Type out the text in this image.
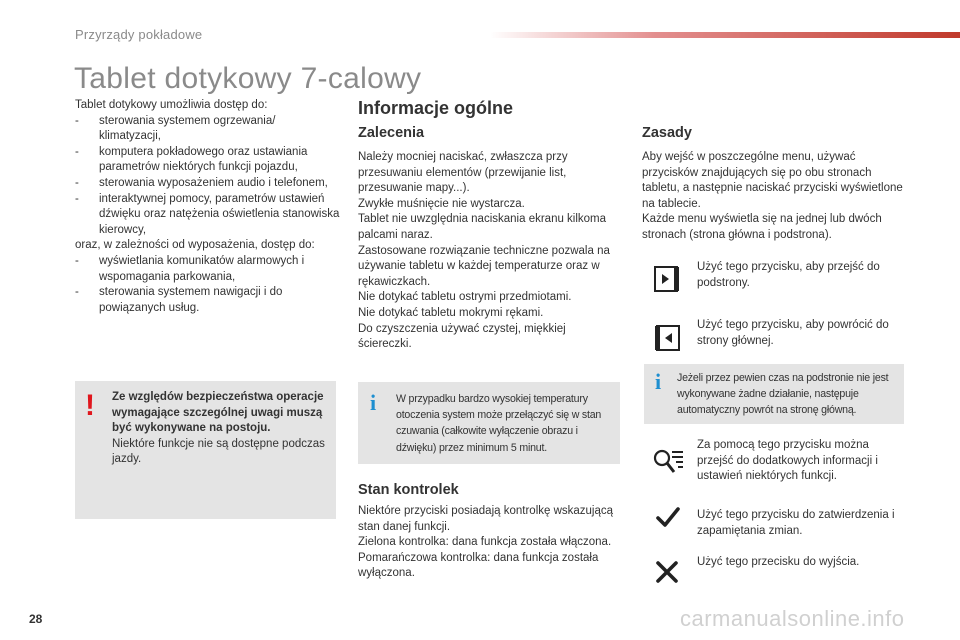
Przyrządy pokładowe
Tablet dotykowy 7-calowy

Tablet dotykowy umożliwia dostęp do:

- sterowania systemem ogrzewania/ klimatyzacji,
- komputera pokładowego oraz ustawiania parametrów niektórych funkcji pojazdu,
- sterowania wyposażeniem audio i telefonem,
- interaktywnej pomocy, parametrów ustawień dźwięku oraz natężenia oświetlenia stanowiska kierowcy,

oraz, w zależności od wyposażenia, dostęp do:

- wyświetlania komunikatów alarmowych i wspomagania parkowania,
- sterowania systemem nawigacji i do powiązanych usług.
! Ze względów bezpieczeństwa operacje wymagające szczególnej uwagi muszą być wykonywane na postoju.
Niektóre funkcje nie są dostępne podczas jazdy.
Informacje ogólne
Zalecenia
Należy mocniej naciskać, zwłaszcza przy przesuwaniu elementów (przewijanie list, przesuwanie mapy...).
Zwykłe muśnięcie nie wystarcza.
Tablet nie uwzględnia naciskania ekranu kilkoma palcami naraz.
Zastosowane rozwiązanie techniczne pozwala na używanie tabletu w każdej temperaturze oraz w rękawiczkach.
Nie dotykać tabletu ostrymi przedmiotami.
Nie dotykać tabletu mokrymi rękami.
Do czyszczenia używać czystej, miękkiej ściereczki.
i W przypadku bardzo wysokiej temperatury otoczenia system może przełączyć się w stan czuwania (całkowite wyłączenie obrazu i dźwięku) przez minimum 5 minut.
Stan kontrolek
Niektóre przyciski posiadają kontrolkę wskazującą stan danej funkcji.
Zielona kontrolka: dana funkcja została włączona.
Pomarańczowa kontrolka: dana funkcja została wyłączona.
Zasady
Aby wejść w poszczególne menu, używać przycisków znajdujących się po obu stronach tabletu, a następnie naciskać przyciski wyświetlone na tablecie.
Każde menu wyświetla się na jednej lub dwóch stronach (strona główna i podstrona).
Użyć tego przycisku, aby przejść do podstrony.
Użyć tego przycisku, aby powrócić do strony głównej.
i Jeżeli przez pewien czas na podstronie nie jest wykonywane żadne działanie, następuje automatyczny powrót na stronę główną.
Za pomocą tego przycisku można przejść do dodatkowych informacji i ustawień niektórych funkcji.
Użyć tego przycisku do zatwierdzenia i zapamiętania zmian.
Użyć tego przecisku do wyjścia.
28	carmanualsonline.info
